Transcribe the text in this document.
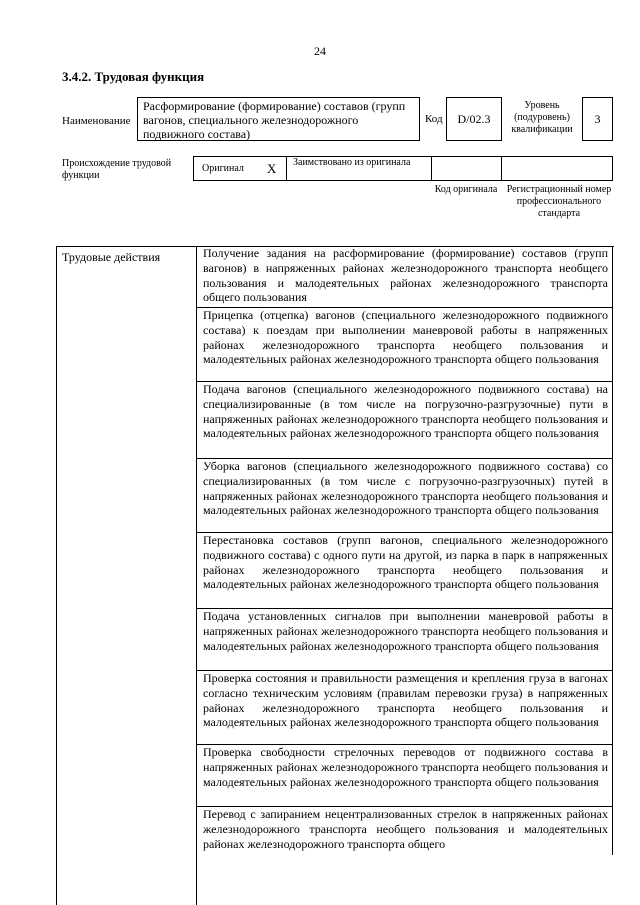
24
3.4.2. Трудовая функция
Наименование
Расформирование (формирование) составов (групп вагонов, специального железнодорожного подвижного состава)
Код	D/02.3
Уровень (подуровень) квалификации
3
Происхождение трудовой функции
Оригинал X Заимствовано из оригинала
Код оригинала Регистрационный номер профессионального стандарта
Трудовые действия	Получение задания на расформирование (формирование) составов (групп вагонов) в напряженных районах железнодорожного транспорта необщего пользования и малодеятельных районах железнодорожного транспорта общего пользования
Прицепка (отцепка) вагонов (специального железнодорожного подвижного состава) к поездам при выполнении маневровой работы в напряженных районах железнодорожного транспорта необщего пользования и малодеятельных районах железнодорожного транспорта общего пользования
Подача вагонов (специального железнодорожного подвижного состава) на специализированные (в том числе на погрузочно-разгрузочные) пути в напряженных районах железнодорожного транспорта необщего пользования и малодеятельных районах железнодорожного транспорта общего пользования
Уборка вагонов (специального железнодорожного подвижного состава) со специализированных (в том числе с погрузочно-разгрузочных) путей в напряженных районах железнодорожного транспорта необщего пользования и малодеятельных районах железнодорожного транспорта общего пользования
Перестановка составов (групп вагонов, специального железнодорожного подвижного состава) с одного пути на другой, из парка в парк в напряженных районах железнодорожного транспорта необщего пользования и малодеятельных районах железнодорожного транспорта общего пользования
Подача установленных сигналов при выполнении маневровой работы в напряженных районах железнодорожного транспорта необщего пользования и малодеятельных районах железнодорожного транспорта общего пользования
Проверка состояния и правильности размещения и крепления груза в вагонах согласно техническим условиям (правилам перевозки груза) в напряженных районах железнодорожного транспорта необщего пользования и малодеятельных районах железнодорожного транспорта общего пользования
Проверка свободности стрелочных переводов от подвижного состава в напряженных районах железнодорожного транспорта необщего пользования и малодеятельных районах железнодорожного транспорта общего пользования
Перевод с запиранием нецентрализованных стрелок в напряженных районах железнодорожного транспорта необщего пользования и малодеятельных районах железнодорожного транспорта общего
